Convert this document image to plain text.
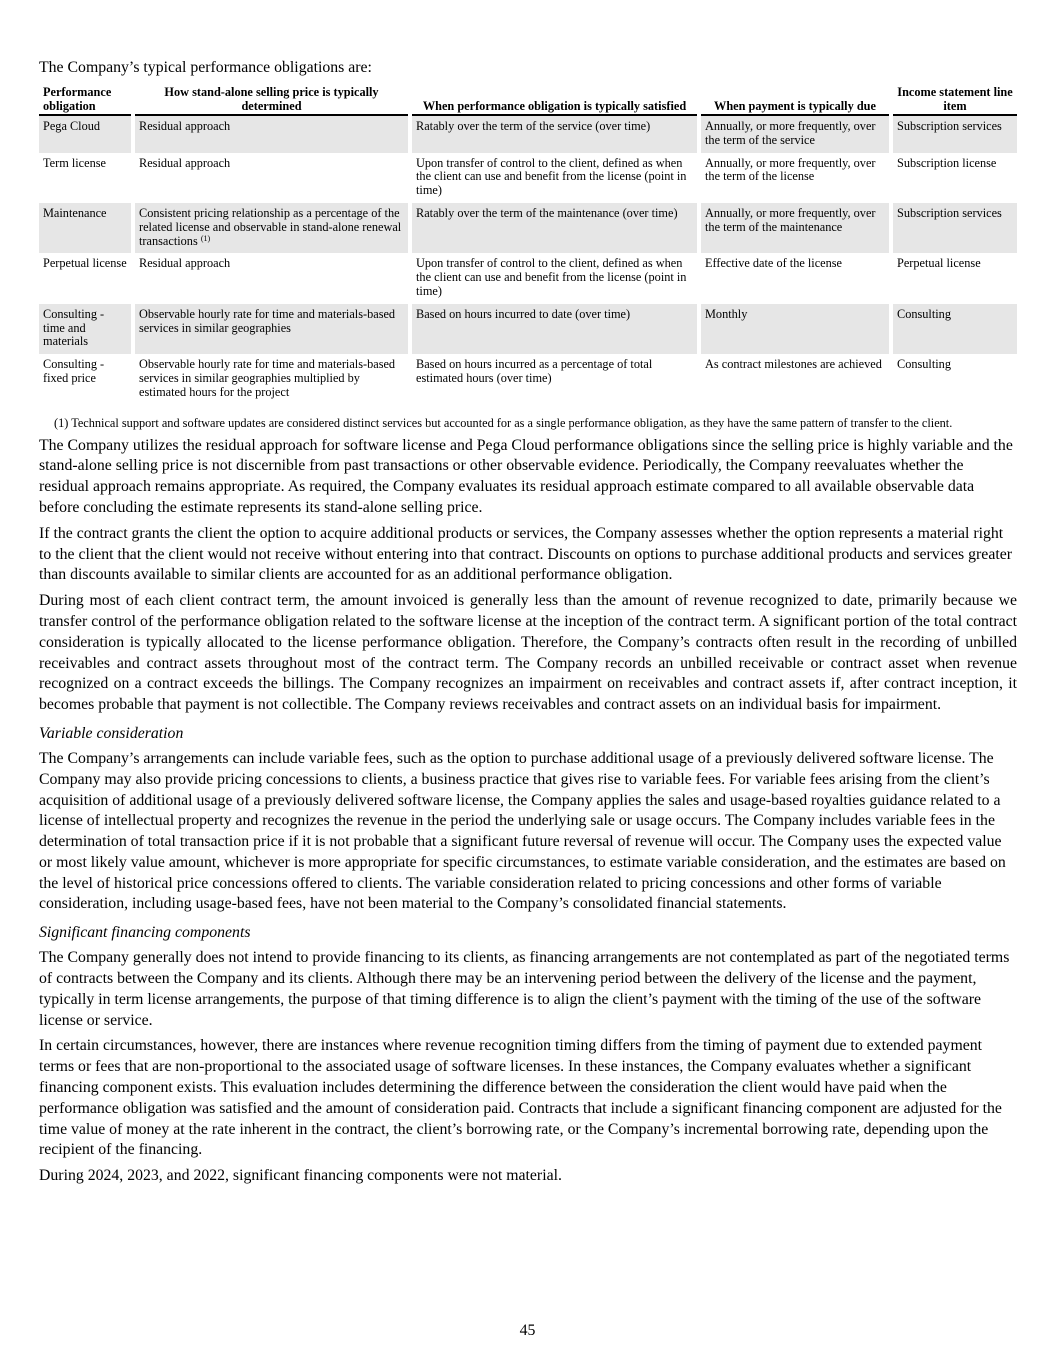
The Company’s typical performance obligations are:
Performance obligation		How stand-alone selling price is typically determined		When performance obligation is typically satisfied		When payment is typically due		Income statement line item
Pega Cloud		Residual approach		Ratably over the term of the service (over time)		Annually, or more frequently, over the term of the service		Subscription services
Term license		Residual approach		Upon transfer of control to the client, defined as when the client can use and benefit from the license (point in time)		Annually, or more frequently, over the term of the license		Subscription license
Maintenance		Consistent pricing relationship as a percentage of the related license and observable in stand-alone renewal transactions $^{(1)}$		Ratably over the term of the maintenance (over time)		Annually, or more frequently, over the term of the maintenance		Subscription services
Perpetual license		Residual approach		Upon transfer of control to the client, defined as when the client can use and benefit from the license (point in time)		Effective date of the license		Perpetual license
Consulting - time and materials		Observable hourly rate for time and materials-based services in similar geographies		Based on hours incurred to date (over time)		Monthly		Consulting
Consulting - fixed price		Observable hourly rate for time and materials-based services in similar geographies multiplied by estimated hours for the project		Based on hours incurred as a percentage of total estimated hours (over time)		As contract milestones are achieved		Consulting
(1) Technical support and software updates are considered distinct services but accounted for as a single performance obligation, as they have the same pattern of transfer to the client.

The Company utilizes the residual approach for software license and Pega Cloud performance obligations since the selling price is highly variable and the stand-alone selling price is not discernible from past transactions or other observable evidence. Periodically, the Company reevaluates whether the residual approach remains appropriate. As required, the Company evaluates its residual approach estimate compared to all available observable data before concluding the estimate represents its stand-alone selling price.

If the contract grants the client the option to acquire additional products or services, the Company assesses whether the option represents a material right to the client that the client would not receive without entering into that contract. Discounts on options to purchase additional products and services greater than discounts available to similar clients are accounted for as an additional performance obligation.

During most of each client contract term, the amount invoiced is generally less than the amount of revenue recognized to date, primarily because we transfer control of the performance obligation related to the software license at the inception of the contract term. A significant portion of the total contract consideration is typically allocated to the license performance obligation. Therefore, the Company’s contracts often result in the recording of unbilled receivables and contract assets throughout most of the contract term. The Company records an unbilled receivable or contract asset when revenue recognized on a contract exceeds the billings. The Company recognizes an impairment on receivables and contract assets if, after contract inception, it becomes probable that payment is not collectible. The Company reviews receivables and contract assets on an individual basis for impairment.

Variable consideration

The Company’s arrangements can include variable fees, such as the option to purchase additional usage of a previously delivered software license. The Company may also provide pricing concessions to clients, a business practice that gives rise to variable fees. For variable fees arising from the client’s acquisition of additional usage of a previously delivered software license, the Company applies the sales and usage-based royalties guidance related to a license of intellectual property and recognizes the revenue in the period the underlying sale or usage occurs. The Company includes variable fees in the determination of total transaction price if it is not probable that a significant future reversal of revenue will occur. The Company uses the expected value or most likely value amount, whichever is more appropriate for specific circumstances, to estimate variable consideration, and the estimates are based on the level of historical price concessions offered to clients. The variable consideration related to pricing concessions and other forms of variable consideration, including usage-based fees, have not been material to the Company’s consolidated financial statements.

Significant financing components

The Company generally does not intend to provide financing to its clients, as financing arrangements are not contemplated as part of the negotiated terms of contracts between the Company and its clients. Although there may be an intervening period between the delivery of the license and the payment, typically in term license arrangements, the purpose of that timing difference is to align the client’s payment with the timing of the use of the software license or service.

In certain circumstances, however, there are instances where revenue recognition timing differs from the timing of payment due to extended payment terms or fees that are non-proportional to the associated usage of software licenses. In these instances, the Company evaluates whether a significant financing component exists. This evaluation includes determining the difference between the consideration the client would have paid when the performance obligation was satisfied and the amount of consideration paid. Contracts that include a significant financing component are adjusted for the time value of money at the rate inherent in the contract, the client’s borrowing rate, or the Company’s incremental borrowing rate, depending upon the recipient of the financing.

During 2024, 2023, and 2022, significant financing components were not material.

45
